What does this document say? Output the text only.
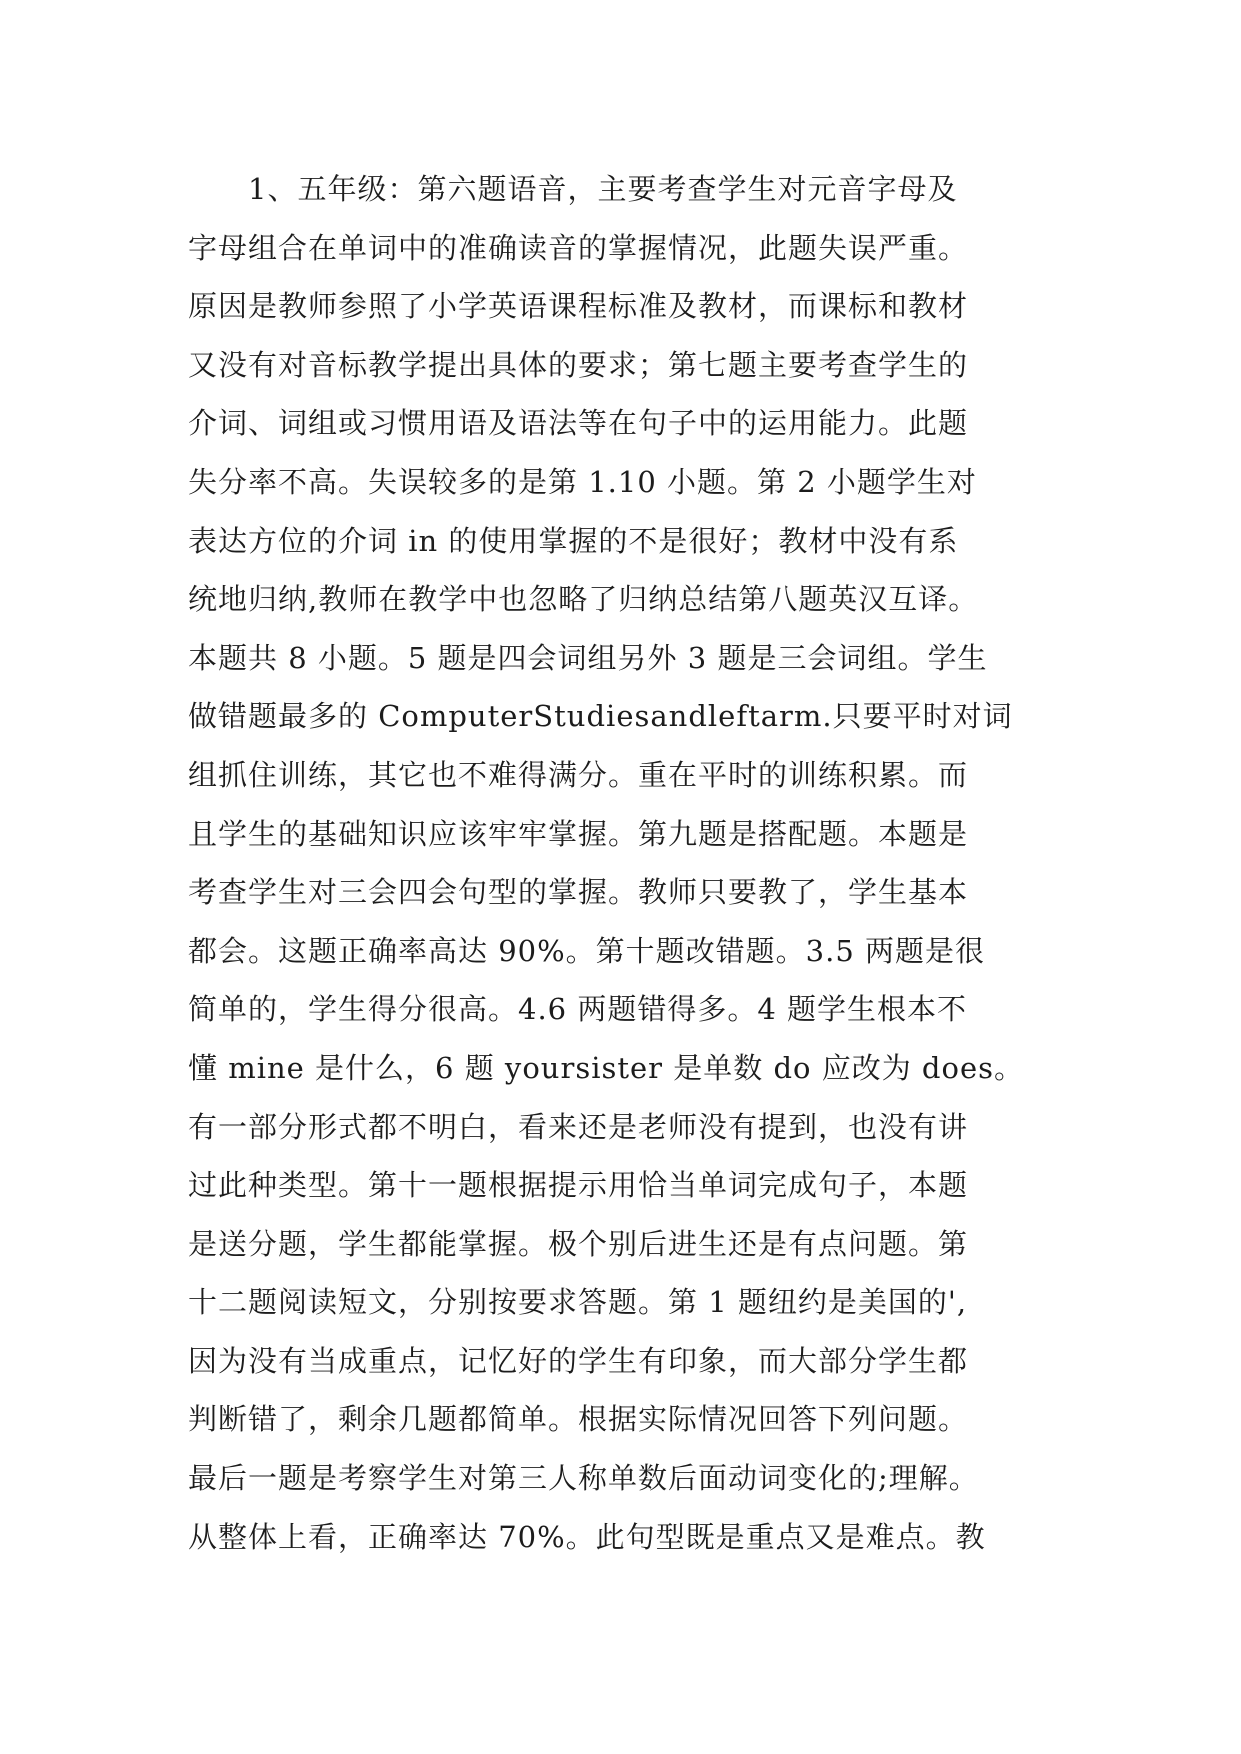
1、五年级：第六题语音，主要考查学生对元音字母及
字母组合在单词中的准确读音的掌握情况，此题失误严重。
原因是教师参照了小学英语课程标准及教材，而课标和教材
又没有对音标教学提出具体的要求；第七题主要考查学生的
介词、词组或习惯用语及语法等在句子中的运用能力。此题
失分率不高。失误较多的是第 1.10 小题。第 2 小题学生对
表达方位的介词 in 的使用掌握的不是很好；教材中没有系
统地归纳,教师在教学中也忽略了归纳总结第八题英汉互译。
本题共 8 小题。5 题是四会词组另外 3 题是三会词组。学生
做错题最多的 ComputerStudiesandleftarm.只要平时对词
组抓住训练，其它也不难得满分。重在平时的训练积累。而
且学生的基础知识应该牢牢掌握。第九题是搭配题。本题是
考查学生对三会四会句型的掌握。教师只要教了，学生基本
都会。这题正确率高达 90%。第十题改错题。3.5 两题是很
简单的，学生得分很高。4.6 两题错得多。4 题学生根本不
懂 mine 是什么，6 题 yoursister 是单数 do 应改为 does。
有一部分形式都不明白，看来还是老师没有提到，也没有讲
过此种类型。第十一题根据提示用恰当单词完成句子，本题
是送分题，学生都能掌握。极个别后进生还是有点问题。第
十二题阅读短文，分别按要求答题。第 1 题纽约是美国的',
因为没有当成重点，记忆好的学生有印象，而大部分学生都
判断错了，剩余几题都简单。根据实际情况回答下列问题。
最后一题是考察学生对第三人称单数后面动词变化的;理解。
从整体上看，正确率达 70%。此句型既是重点又是难点。教
